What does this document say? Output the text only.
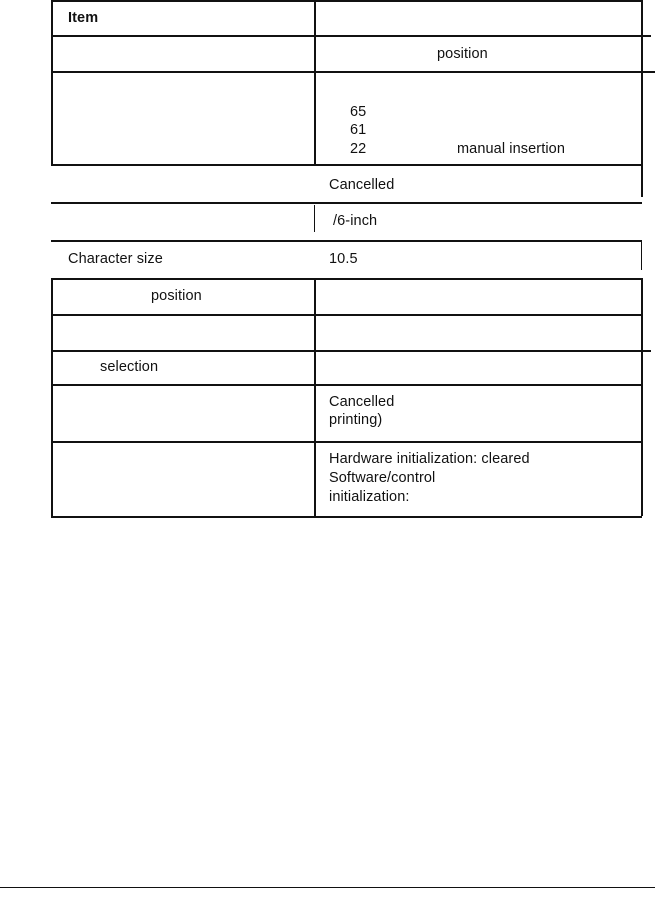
Item
position
65
61
22	manual insertion
Cancelled
/6-inch
Character size	10.5
position
selection
Cancelled
printing)
Hardware initialization: cleared
Software/control
initialization:
